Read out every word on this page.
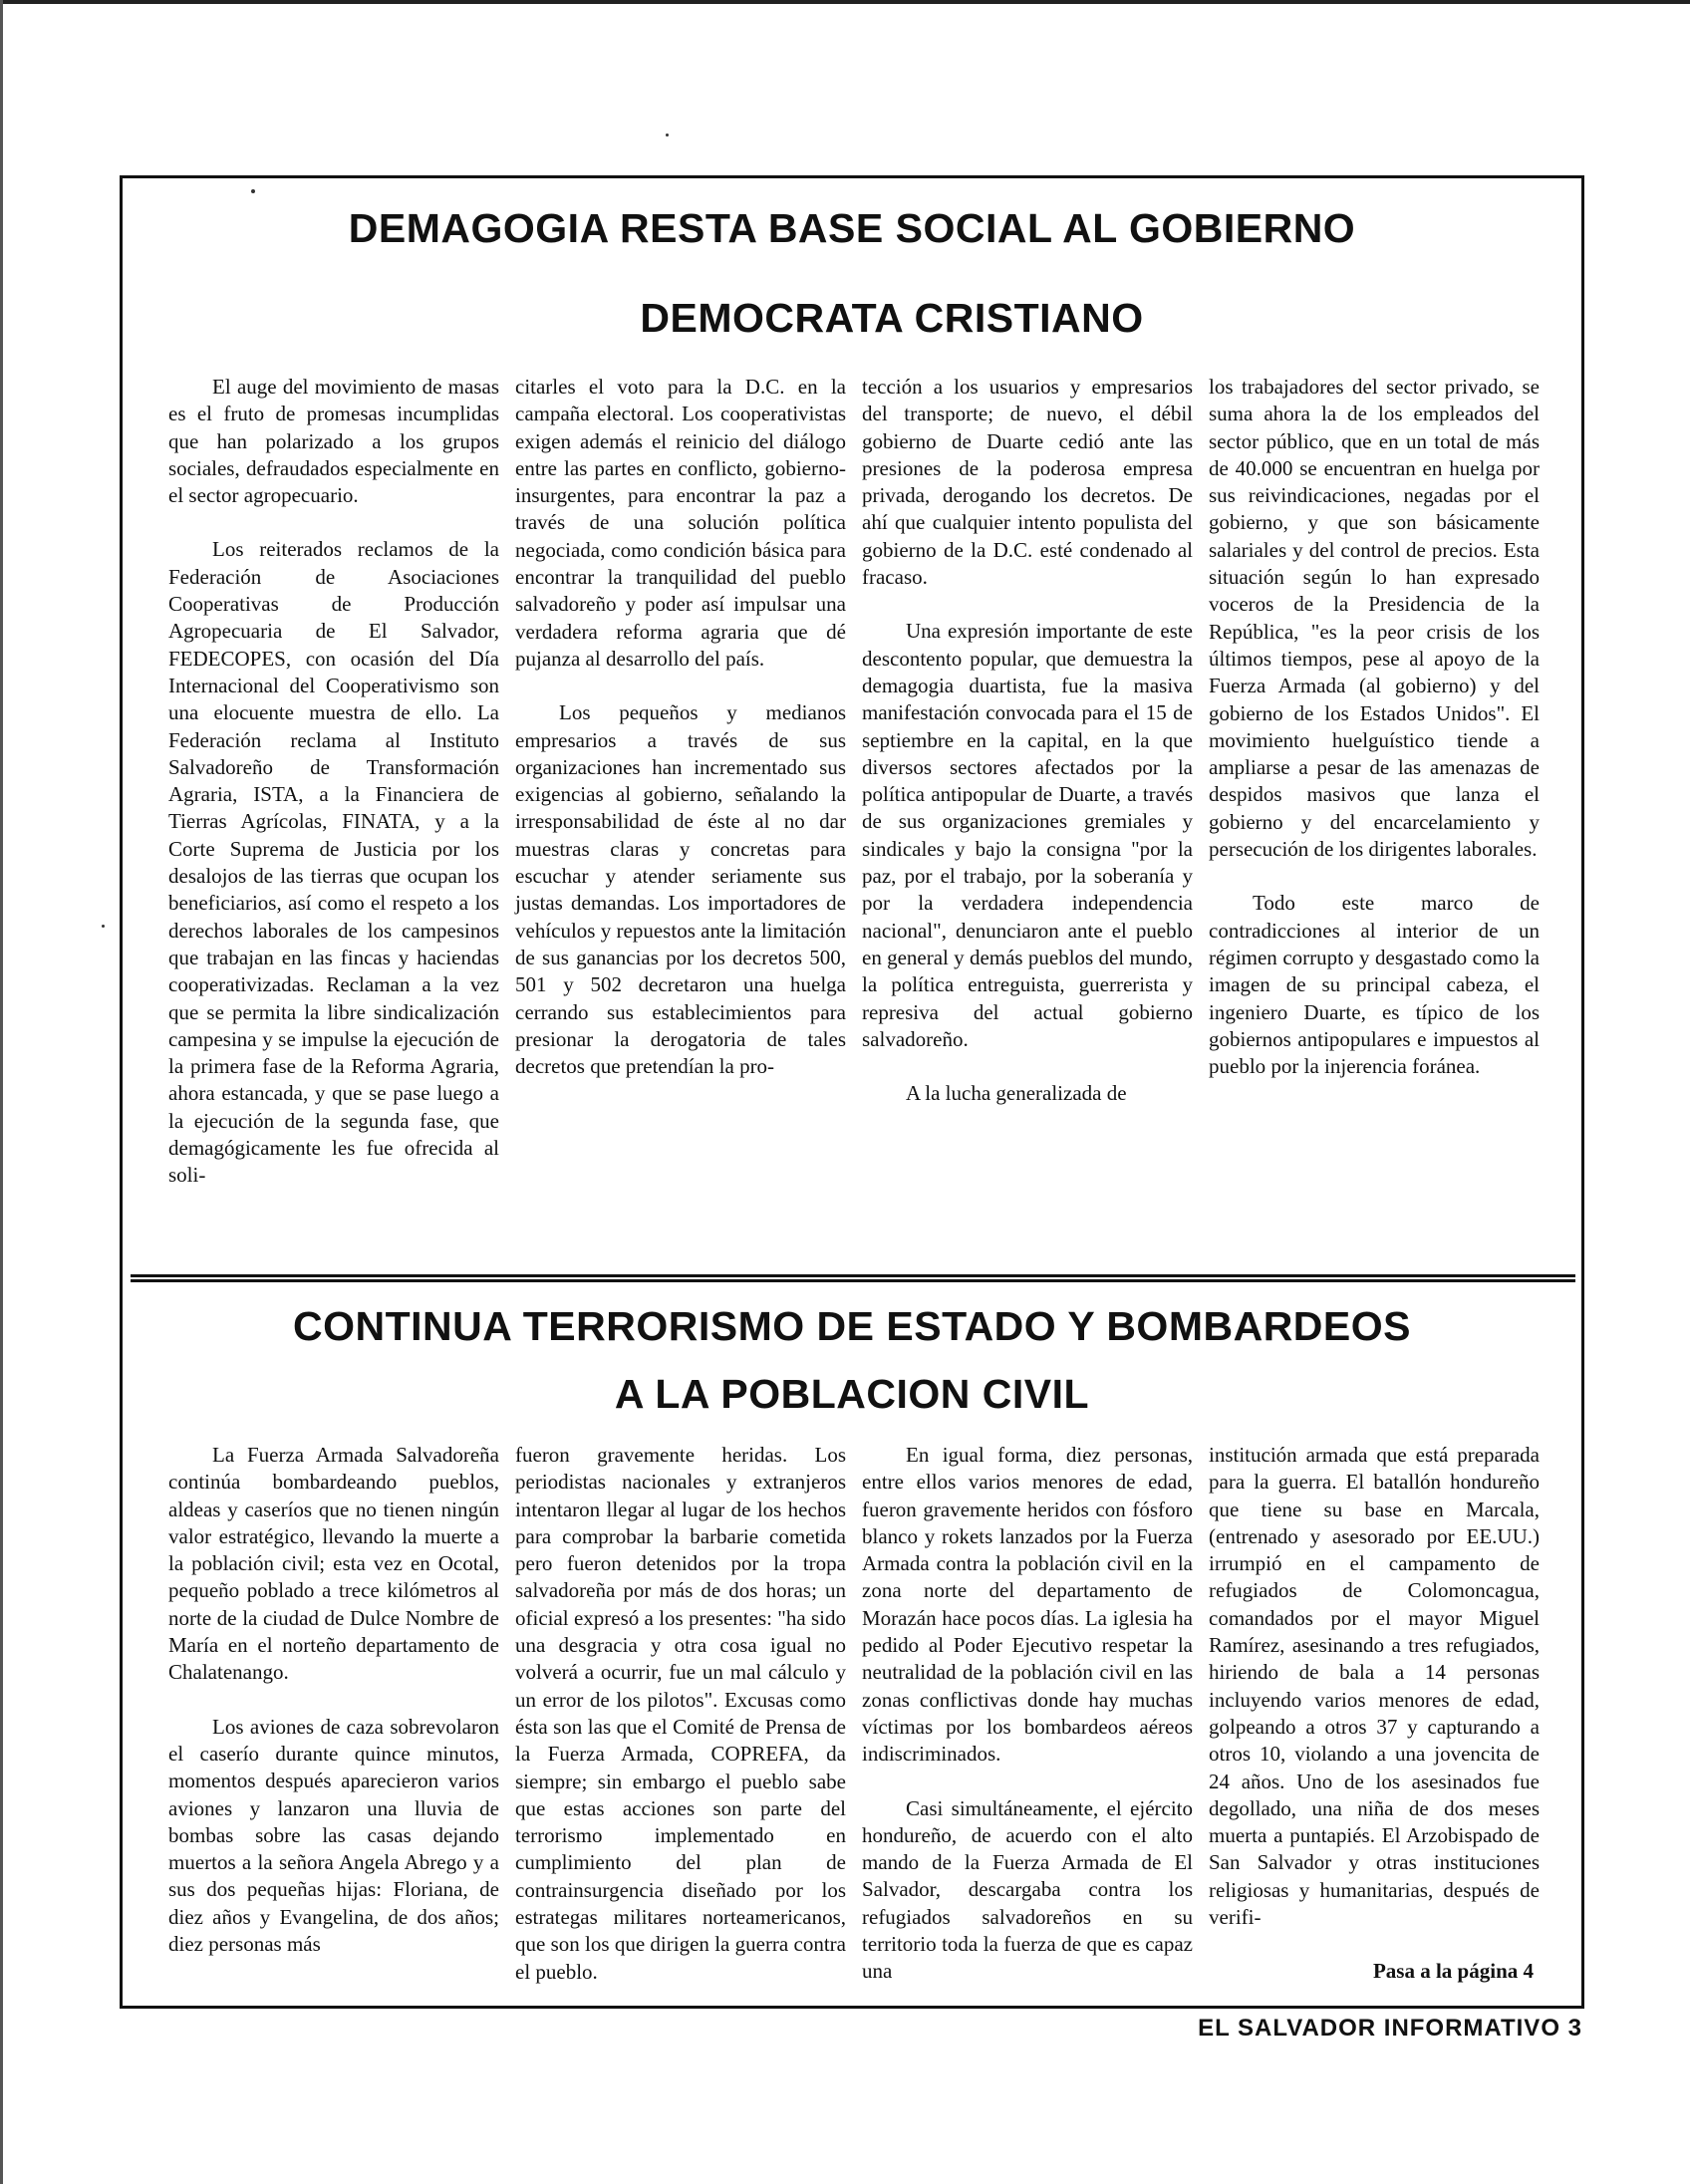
DEMAGOGIA RESTA BASE SOCIAL AL GOBIERNO
DEMOCRATA CRISTIANO

El auge del movimiento de masas es el fruto de promesas incumplidas que han polarizado a los grupos sociales, defraudados especialmente en el sector agropecuario.

Los reiterados reclamos de la Federación de Asociaciones Cooperativas de Producción Agropecuaria de El Salvador, FEDECOPES, con ocasión del Día Internacional del Cooperativismo son una elocuente muestra de ello. La Federación reclama al Instituto Salvadoreño de Transformación Agraria, ISTA, a la Financiera de Tierras Agrícolas, FINATA, y a la Corte Suprema de Justicia por los desalojos de las tierras que ocupan los beneficiarios, así como el respeto a los derechos laborales de los campesinos que trabajan en las fincas y haciendas cooperativizadas. Reclaman a la vez que se permita la libre sindicalización campesina y se impulse la ejecución de la primera fase de la Reforma Agraria, ahora estancada, y que se pase luego a la ejecución de la segunda fase, que demagógicamente les fue ofrecida al soli-

citarles el voto para la D.C. en la campaña electoral. Los cooperativistas exigen además el reinicio del diálogo entre las partes en conflicto, gobierno-insurgentes, para encontrar la paz a través de una solución política negociada, como condición básica para encontrar la tranquilidad del pueblo salvadoreño y poder así impulsar una verdadera reforma agraria que dé pujanza al desarrollo del país.

Los pequeños y medianos empresarios a través de sus organizaciones han incrementado sus exigencias al gobierno, señalando la irresponsabilidad de éste al no dar muestras claras y concretas para escuchar y atender seriamente sus justas demandas. Los importadores de vehículos y repuestos ante la limitación de sus ganancias por los decretos 500, 501 y 502 decretaron una huelga cerrando sus establecimientos para presionar la derogatoria de tales decretos que pretendían la pro-

tección a los usuarios y empresarios del transporte; de nuevo, el débil gobierno de Duarte cedió ante las presiones de la poderosa empresa privada, derogando los decretos. De ahí que cualquier intento populista del gobierno de la D.C. esté condenado al fracaso.

Una expresión importante de este descontento popular, que demuestra la demagogia duartista, fue la masiva manifestación convocada para el 15 de septiembre en la capital, en la que diversos sectores afectados por la política antipopular de Duarte, a través de sus organizaciones gremiales y sindicales y bajo la consigna "por la paz, por el trabajo, por la soberanía y por la verdadera independencia nacional", denunciaron ante el pueblo en general y demás pueblos del mundo, la política entreguista, guerrerista y represiva del actual gobierno salvadoreño.

A la lucha generalizada de

los trabajadores del sector privado, se suma ahora la de los empleados del sector público, que en un total de más de 40.000 se encuentran en huelga por sus reivindicaciones, negadas por el gobierno, y que son básicamente salariales y del control de precios. Esta situación según lo han expresado voceros de la Presidencia de la República, "es la peor crisis de los últimos tiempos, pese al apoyo de la Fuerza Armada (al gobierno) y del gobierno de los Estados Unidos". El movimiento huelguístico tiende a ampliarse a pesar de las amenazas de despidos masivos que lanza el gobierno y del encarcelamiento y persecución de los dirigentes laborales.

Todo este marco de contradicciones al interior de un régimen corrupto y desgastado como la imagen de su principal cabeza, el ingeniero Duarte, es típico de los gobiernos antipopulares e impuestos al pueblo por la injerencia foránea.

CONTINUA TERRORISMO DE ESTADO Y BOMBARDEOS
A LA POBLACION CIVIL

La Fuerza Armada Salvadoreña continúa bombardeando pueblos, aldeas y caseríos que no tienen ningún valor estratégico, llevando la muerte a la población civil; esta vez en Ocotal, pequeño poblado a trece kilómetros al norte de la ciudad de Dulce Nombre de María en el norteño departamento de Chalatenango.

Los aviones de caza sobrevolaron el caserío durante quince minutos, momentos después aparecieron varios aviones y lanzaron una lluvia de bombas sobre las casas dejando muertos a la señora Angela Abrego y a sus dos pequeñas hijas: Floriana, de diez años y Evangelina, de dos años; diez personas más

fueron gravemente heridas. Los periodistas nacionales y extranjeros intentaron llegar al lugar de los hechos para comprobar la barbarie cometida pero fueron detenidos por la tropa salvadoreña por más de dos horas; un oficial expresó a los presentes: "ha sido una desgracia y otra cosa igual no volverá a ocurrir, fue un mal cálculo y un error de los pilotos". Excusas como ésta son las que el Comité de Prensa de la Fuerza Armada, COPREFA, da siempre; sin embargo el pueblo sabe que estas acciones son parte del terrorismo implementado en cumplimiento del plan de contrainsurgencia diseñado por los estrategas militares norteamericanos, que son los que dirigen la guerra contra el pueblo.

En igual forma, diez personas, entre ellos varios menores de edad, fueron gravemente heridos con fósforo blanco y rokets lanzados por la Fuerza Armada contra la población civil en la zona norte del departamento de Morazán hace pocos días. La iglesia ha pedido al Poder Ejecutivo respetar la neutralidad de la población civil en las zonas conflictivas donde hay muchas víctimas por los bombardeos aéreos indiscriminados.

Casi simultáneamente, el ejército hondureño, de acuerdo con el alto mando de la Fuerza Armada de El Salvador, descargaba contra los refugiados salvadoreños en su territorio toda la fuerza de que es capaz una

institución armada que está preparada para la guerra. El batallón hondureño que tiene su base en Marcala, (entrenado y asesorado por EE.UU.) irrumpió en el campamento de refugiados de Colomoncagua, comandados por el mayor Miguel Ramírez, asesinando a tres refugiados, hiriendo de bala a 14 personas incluyendo varios menores de edad, golpeando a otros 37 y capturando a otros 10, violando a una jovencita de 24 años. Uno de los asesinados fue degollado, una niña de dos meses muerta a puntapiés. El Arzobispado de San Salvador y otras instituciones religiosas y humanitarias, después de verifi-

Pasa a la página 4
EL SALVADOR INFORMATIVO 3
